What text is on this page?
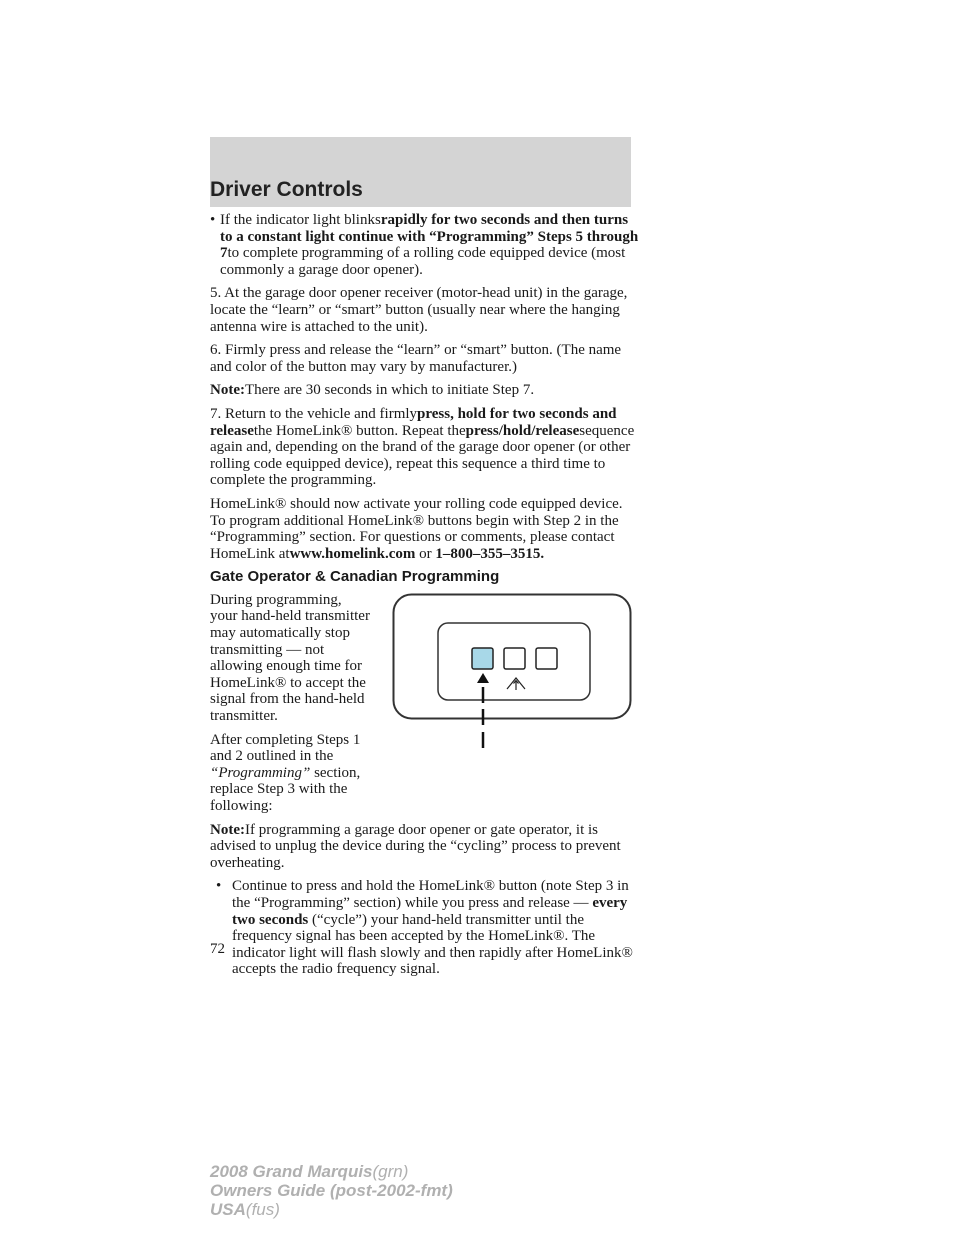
Driver Controls

• If the indicator light blinksrapidly for two seconds and then turns to a constant light continue with “Programming” Steps 5 through 7to complete programming of a rolling code equipped device (most commonly a garage door opener).

5. At the garage door opener receiver (motor-head unit) in the garage, locate the “learn” or “smart” button (usually near where the hanging antenna wire is attached to the unit).

6. Firmly press and release the “learn” or “smart” button. (The name and color of the button may vary by manufacturer.)

Note:There are 30 seconds in which to initiate Step 7.

7. Return to the vehicle and firmlypress, hold for two seconds and releasethe HomeLink® button. Repeat thepress/hold/releasesequence again and, depending on the brand of the garage door opener (or other rolling code equipped device), repeat this sequence a third time to complete the programming.

HomeLink® should now activate your rolling code equipped device. To program additional HomeLink® buttons begin with Step 2 in the “Programming” section. For questions or comments, please contact HomeLink atwww.homelink.com or 1–800–355–3515.

Gate Operator & Canadian Programming

During programming, your hand-held transmitter may automatically stop transmitting — not allowing enough time for HomeLink® to accept the signal from the hand-held transmitter.

After completing Steps 1 and 2 outlined in the “Programming” section, replace Step 3 with the following:

Note:If programming a garage door opener or gate operator, it is advised to unplug the device during the “cycling” process to prevent overheating.

• Continue to press and hold the HomeLink® button (note Step 3 in the “Programming” section) while you press and release — every two seconds (“cycle”) your hand-held transmitter until the frequency signal has been accepted by the HomeLink®. The indicator light will flash slowly and then rapidly after HomeLink® accepts the radio frequency signal.

72
2008 Grand Marquis(grn)
Owners Guide (post-2002-fmt)
USA(fus)
